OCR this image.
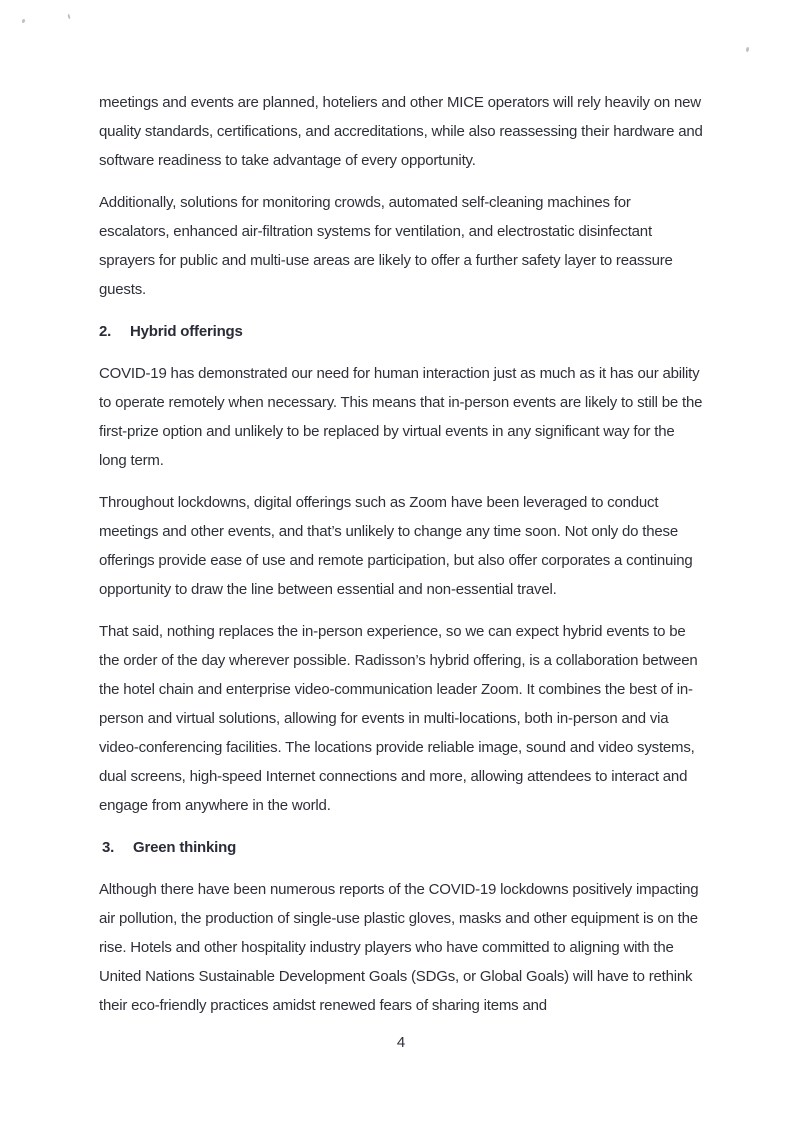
meetings and events are planned, hoteliers and other MICE operators will rely heavily on new quality standards, certifications, and accreditations, while also reassessing their hardware and software readiness to take advantage of every opportunity.

Additionally, solutions for monitoring crowds, automated self-cleaning machines for escalators, enhanced air-filtration systems for ventilation, and electrostatic disinfectant sprayers for public and multi-use areas are likely to offer a further safety layer to reassure guests.

2. Hybrid offerings

COVID-19 has demonstrated our need for human interaction just as much as it has our ability to operate remotely when necessary. This means that in-person events are likely to still be the first-prize option and unlikely to be replaced by virtual events in any significant way for the long term.

Throughout lockdowns, digital offerings such as Zoom have been leveraged to conduct meetings and other events, and that’s unlikely to change any time soon. Not only do these offerings provide ease of use and remote participation, but also offer corporates a continuing opportunity to draw the line between essential and non-essential travel.

That said, nothing replaces the in-person experience, so we can expect hybrid events to be the order of the day wherever possible. Radisson’s hybrid offering, is a collaboration between the hotel chain and enterprise video-communication leader Zoom. It combines the best of in-person and virtual solutions, allowing for events in multi-locations, both in-person and via video-conferencing facilities. The locations provide reliable image, sound and video systems, dual screens, high-speed Internet connections and more, allowing attendees to interact and engage from anywhere in the world.

3. Green thinking

Although there have been numerous reports of the COVID-19 lockdowns positively impacting air pollution, the production of single-use plastic gloves, masks and other equipment is on the rise. Hotels and other hospitality industry players who have committed to aligning with the United Nations Sustainable Development Goals (SDGs, or Global Goals) will have to rethink their eco-friendly practices amidst renewed fears of sharing items and

4
